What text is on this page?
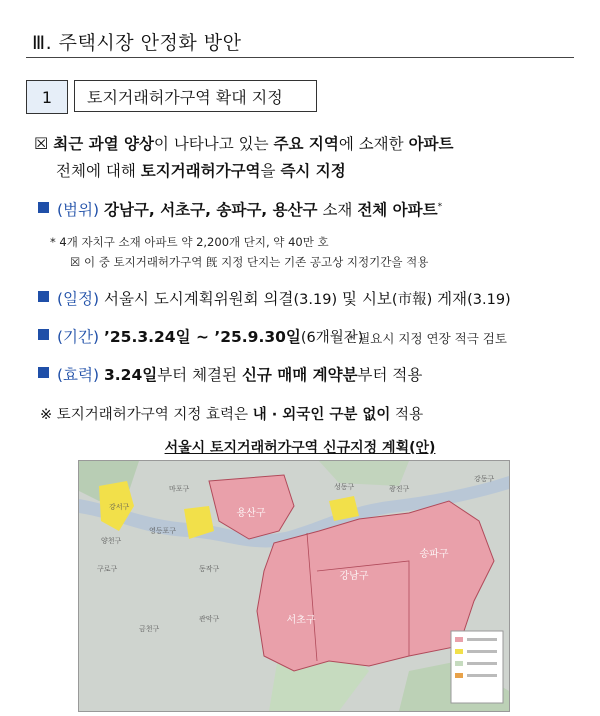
Ⅲ. 주택시장 안정화 방안
1	토지거래허가구역 확대 지정
☒ 최근 과열 양상이 나타나고 있는 주요 지역에 소재한 아파트
전체에 대해 토지거래허가구역을 즉시 지정
(범위) 강남구, 서초구, 송파구, 용산구 소재 전체 아파트*
* 4개 자치구 소재 아파트 약 2,200개 단지, 약 40만 호
☒ 이 중 토지거래허가구역 旣 지정 단지는 기존 공고상 지정기간을 적용
(일정) 서울시 도시계획위원회 의결(3.19) 및 시보(市報) 게재(3.19)
(기간) ’25.3.24일 ~ ’25.9.30일(6개월간)
* 필요시 지정 연장 적극 검토
(효력) 3.24일부터 체결된 신규 매매 계약분부터 적용
※ 토지거래허가구역 지정 효력은 내 · 외국인 구분 없이 적용
서울시 토지거래허가구역 신규지정 계획(안)
용산구
강남구
서초구
송파구
강서구
마포구	성동구	광진구
강동구
관악구
영등포구
동작구
금천구
구로구
양천구
